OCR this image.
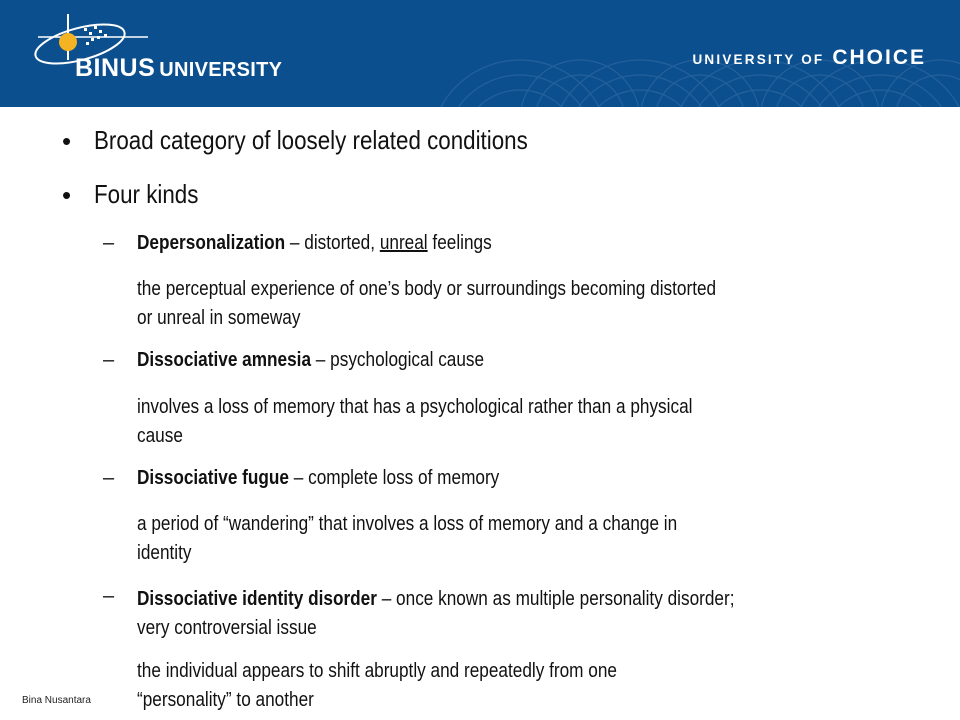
BINUS UNIVERSITY	UNIVERSITY OF CHOICE
• Broad category of loosely related conditions
• Four kinds
– Depersonalization – distorted, unreal feelings
the perceptual experience of one’s body or surroundings becoming distorted
or unreal in someway
– Dissociative amnesia – psychological cause
involves a loss of memory that has a psychological rather than a physical
cause
– Dissociative fugue – complete loss of memory
a period of “wandering” that involves a loss of memory and a change in
identity
– Dissociative identity disorder – once known as multiple personality disorder;
very controversial issue
the individual appears to shift abruptly and repeatedly from one
“personality” to another
Bina Nusantara
